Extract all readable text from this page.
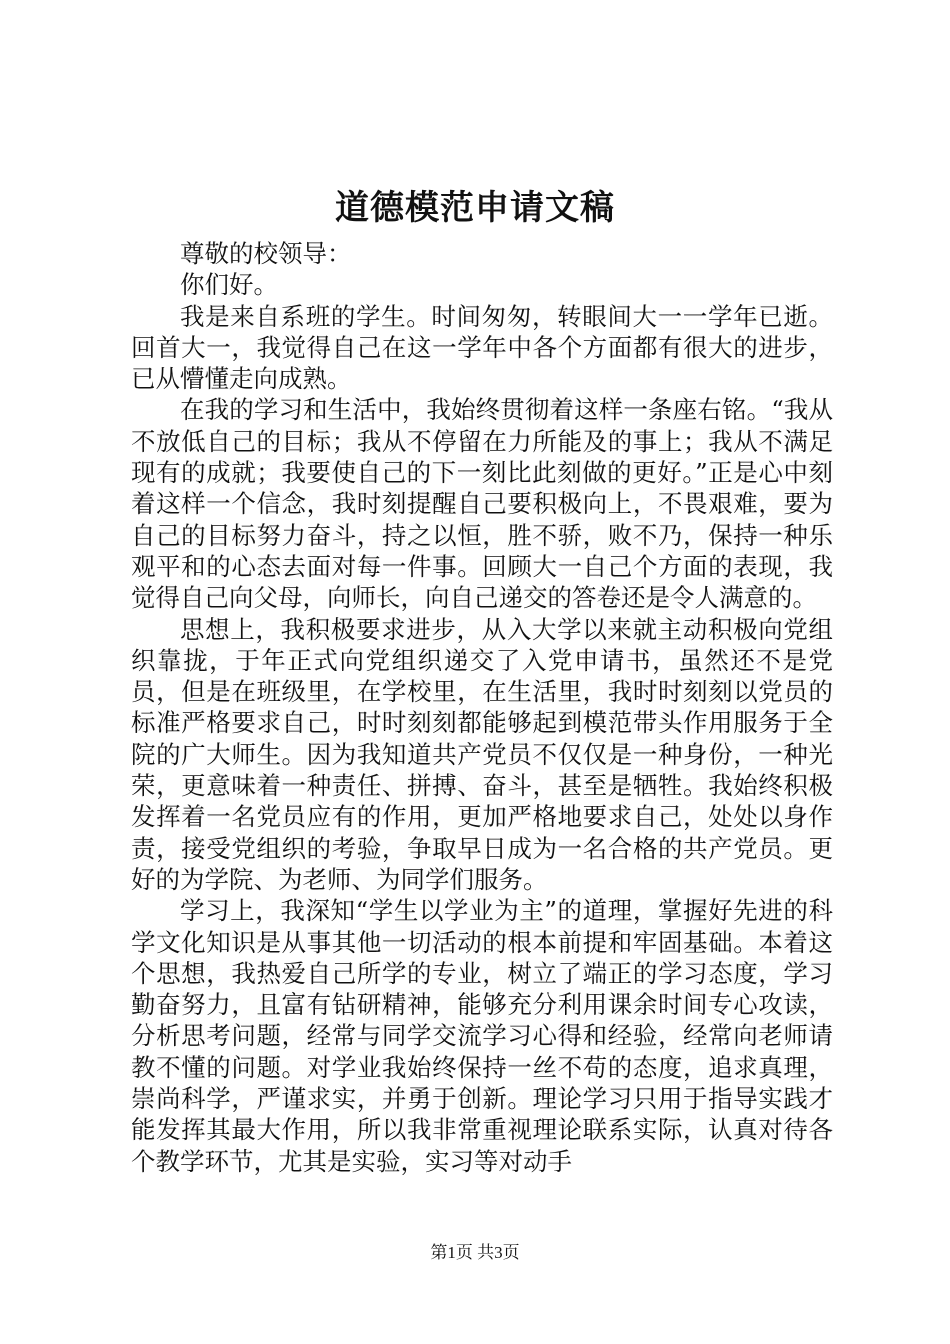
道德模范申请文稿

尊敬的校领导：

你们好。

我是来自系班的学生。时间匆匆，转眼间大一一学年已逝。回首大一，我觉得自己在这一学年中各个方面都有很大的进步，已从懵懂走向成熟。

在我的学习和生活中，我始终贯彻着这样一条座右铭。“我从不放低自己的目标；我从不停留在力所能及的事上；我从不满足现有的成就；我要使自己的下一刻比此刻做的更好。”正是心中刻着这样一个信念，我时刻提醒自己要积极向上，不畏艰难，要为自己的目标努力奋斗，持之以恒，胜不骄，败不乃，保持一种乐观平和的心态去面对每一件事。回顾大一自己个方面的表现，我觉得自己向父母，向师长，向自己递交的答卷还是令人满意的。

思想上，我积极要求进步，从入大学以来就主动积极向党组织靠拢，于年正式向党组织递交了入党申请书，虽然还不是党员，但是在班级里，在学校里，在生活里，我时时刻刻以党员的标准严格要求自己，时时刻刻都能够起到模范带头作用服务于全院的广大师生。因为我知道共产党员不仅仅是一种身份，一种光荣，更意味着一种责任、拼搏、奋斗，甚至是牺牲。我始终积极发挥着一名党员应有的作用，更加严格地要求自己，处处以身作责，接受党组织的考验，争取早日成为一名合格的共产党员。更好的为学院、为老师、为同学们服务。

学习上，我深知“学生以学业为主”的道理，掌握好先进的科学文化知识是从事其他一切活动的根本前提和牢固基础。本着这个思想，我热爱自己所学的专业，树立了端正的学习态度，学习勤奋努力，且富有钻研精神，能够充分利用课余时间专心攻读，分析思考问题，经常与同学交流学习心得和经验，经常向老师请教不懂的问题。对学业我始终保持一丝不苟的态度，追求真理，崇尚科学，严谨求实，并勇于创新。理论学习只用于指导实践才能发挥其最大作用，所以我非常重视理论联系实际，认真对待各个教学环节，尤其是实验，实习等对动手

第1页 共3页
